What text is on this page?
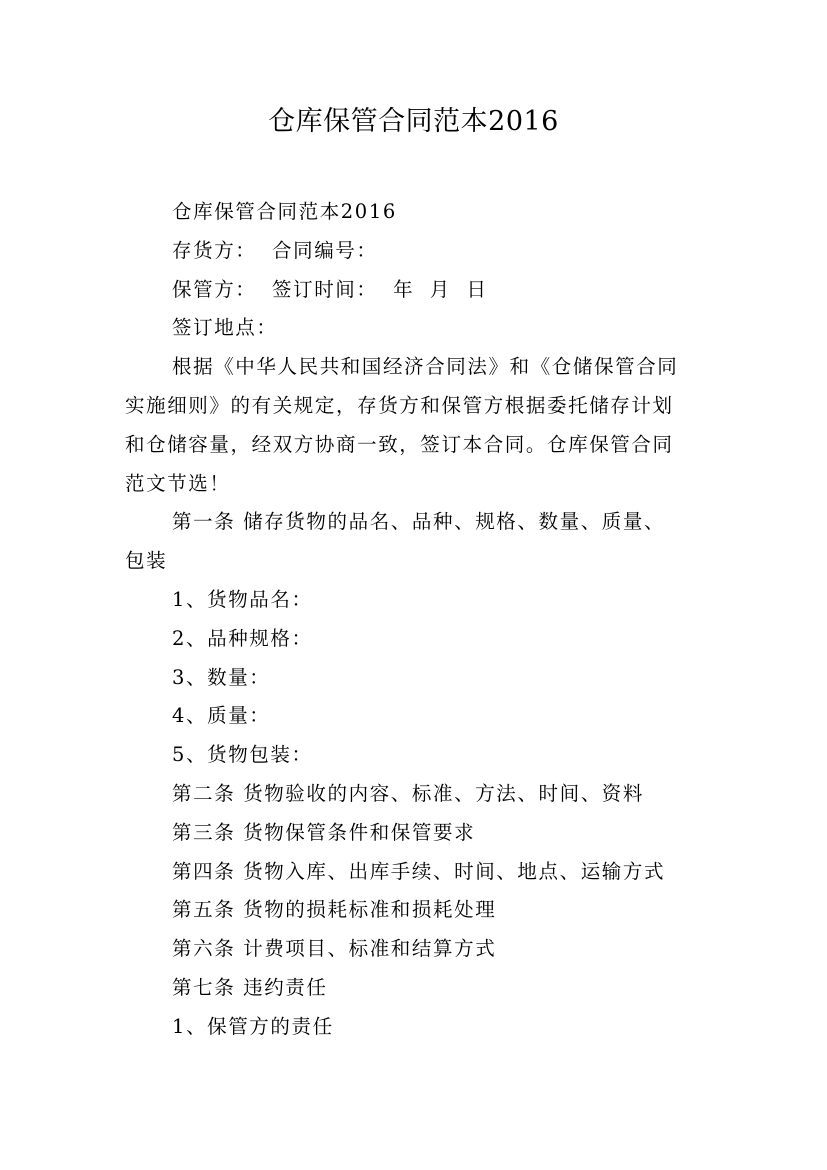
仓库保管合同范本2016

仓库保管合同范本2016

存货方：  合同编号：

保管方：  签订时间：  年  月  日

签订地点：

根据《中华人民共和国经济合同法》和《仓储保管合同

实施细则》的有关规定，存货方和保管方根据委托储存计划

和仓储容量，经双方协商一致，签订本合同。仓库保管合同

范文节选！

第一条 储存货物的品名、品种、规格、数量、质量、

包装

1、货物品名：

2、品种规格：

3、数量：

4、质量：

5、货物包装：

第二条 货物验收的内容、标准、方法、时间、资料

第三条 货物保管条件和保管要求

第四条 货物入库、出库手续、时间、地点、运输方式

第五条 货物的损耗标准和损耗处理

第六条 计费项目、标准和结算方式

第七条 违约责任

1、保管方的责任
